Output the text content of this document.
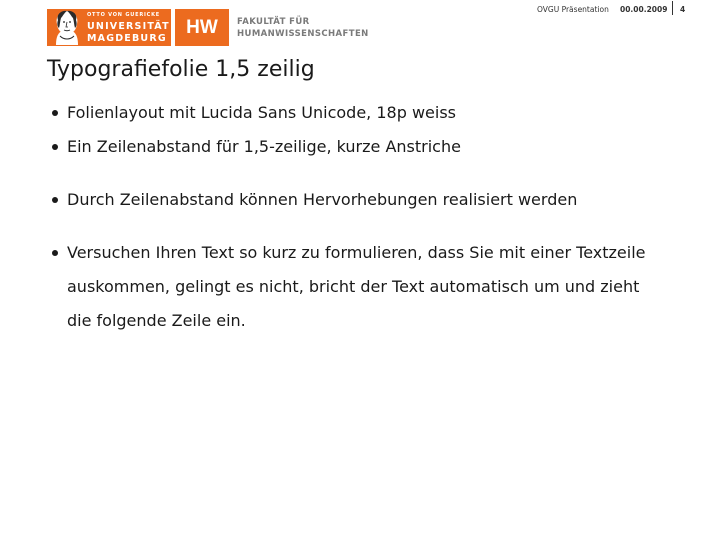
OTTO VON GUERICKE
UNIVERSITÄT
MAGDEBURG
HW	FAKULTÄT FÜR
HUMANWISSENSCHAFTEN
OVGU Präsentation 00.00.2009 4
Typografiefolie 1,5 zeilig
Folienlayout mit Lucida Sans Unicode, 18p weiss
Ein Zeilenabstand für 1,5-zeilige, kurze Anstriche
Durch Zeilenabstand können Hervorhebungen realisiert werden
Versuchen Ihren Text so kurz zu formulieren, dass Sie mit einer Textzeile auskommen, gelingt es nicht, bricht der Text automatisch um und zieht die folgende Zeile ein.
